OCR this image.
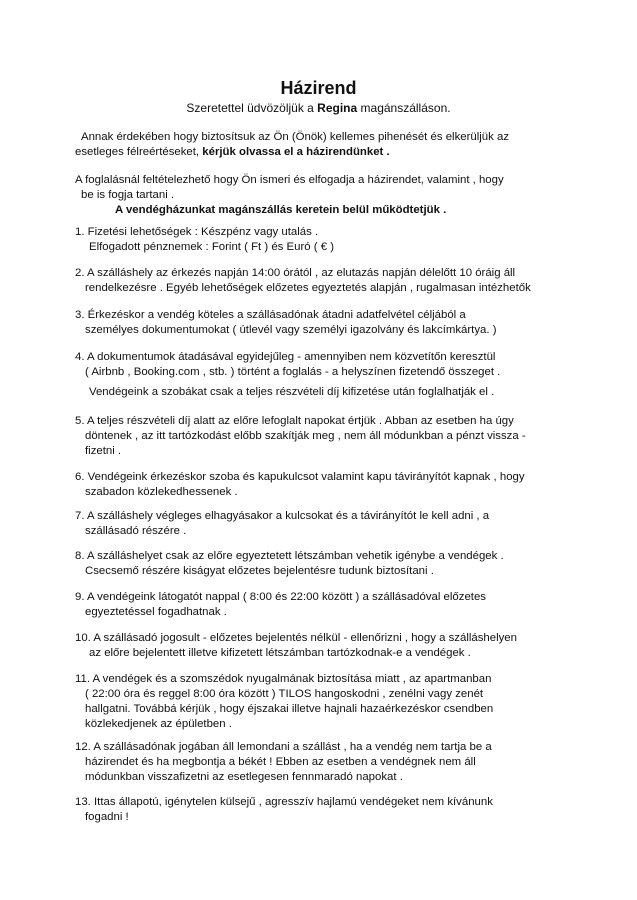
Házirend
Szeretettel üdvözöljük a Regina magánszálláson.

Annak érdekében hogy biztosítsuk az Ön (Önök) kellemes pihenését és elkerüljük az

esetleges félreértéseket, kérjük olvassa el a házirendünket .

A foglalásnál feltételezhető hogy Ön ismeri és elfogadja a házirendet, valamint , hogy

be is fogja tartani .

A vendégházunkat magánszállás keretein belül működtetjük .

1. Fizetési lehetőségek : Készpénz vagy utalás .

Elfogadott pénznemek : Forint ( Ft ) és Euró ( € )

2. A szálláshely az érkezés napján 14:00 órától , az elutazás napján délelőtt 10 óráig áll

rendelkezésre . Egyéb lehetőségek előzetes egyeztetés alapján , rugalmasan intézhetők

3. Érkezéskor a vendég köteles a szállásadónak átadni adatfelvétel céljából a

személyes dokumentumokat ( útlevél vagy személyi igazolvány és lakcímkártya. )

4. A dokumentumok átadásával egyidejűleg - amennyiben nem közvetítőn keresztül

( Airbnb , Booking.com , stb. ) történt a foglalás - a helyszínen fizetendő összeget .

Vendégeink a szobákat csak a teljes részvételi díj kifizetése után foglalhatják el .

5. A teljes részvételi díj alatt az előre lefoglalt napokat értjük . Abban az esetben ha úgy

döntenek , az itt tartózkodást előbb szakítják meg , nem áll módunkban a pénzt vissza -

fizetni .

6. Vendégeink érkezéskor szoba és kapukulcsot valamint kapu távirányítót kapnak , hogy

szabadon közlekedhessenek .

7. A szálláshely végleges elhagyásakor a kulcsokat és a távirányítót le kell adni , a

szállásadó részére .

8. A szálláshelyet csak az előre egyeztetett létszámban vehetik igénybe a vendégek .

Csecsemő részére kiságyat előzetes bejelentésre tudunk biztosítani .

9. A vendégeink látogatót nappal ( 8:00 és 22:00 között ) a szállásadóval előzetes

egyeztetéssel fogadhatnak .

10. A szállásadó jogosult - előzetes bejelentés nélkül - ellenőrizni , hogy a szálláshelyen

az előre bejelentett illetve kifizetett létszámban tartózkodnak-e a vendégek .

11. A vendégek és a szomszédok nyugalmának biztosítása miatt , az apartmanban

( 22:00 óra és reggel 8:00 óra között ) TILOS hangoskodni , zenélni vagy zenét

hallgatni. Továbbá kérjük , hogy éjszakai illetve hajnali hazaérkezéskor csendben

közlekedjenek az épületben .

12. A szállásadónak jogában áll lemondani a szállást , ha a vendég nem tartja be a

házirendet és ha megbontja a békét ! Ebben az esetben a vendégnek nem áll

módunkban visszafizetni az esetlegesen fennmaradó napokat .

13. Ittas állapotú, igénytelen külsejű , agresszív hajlamú vendégeket nem kívánunk

fogadni !
